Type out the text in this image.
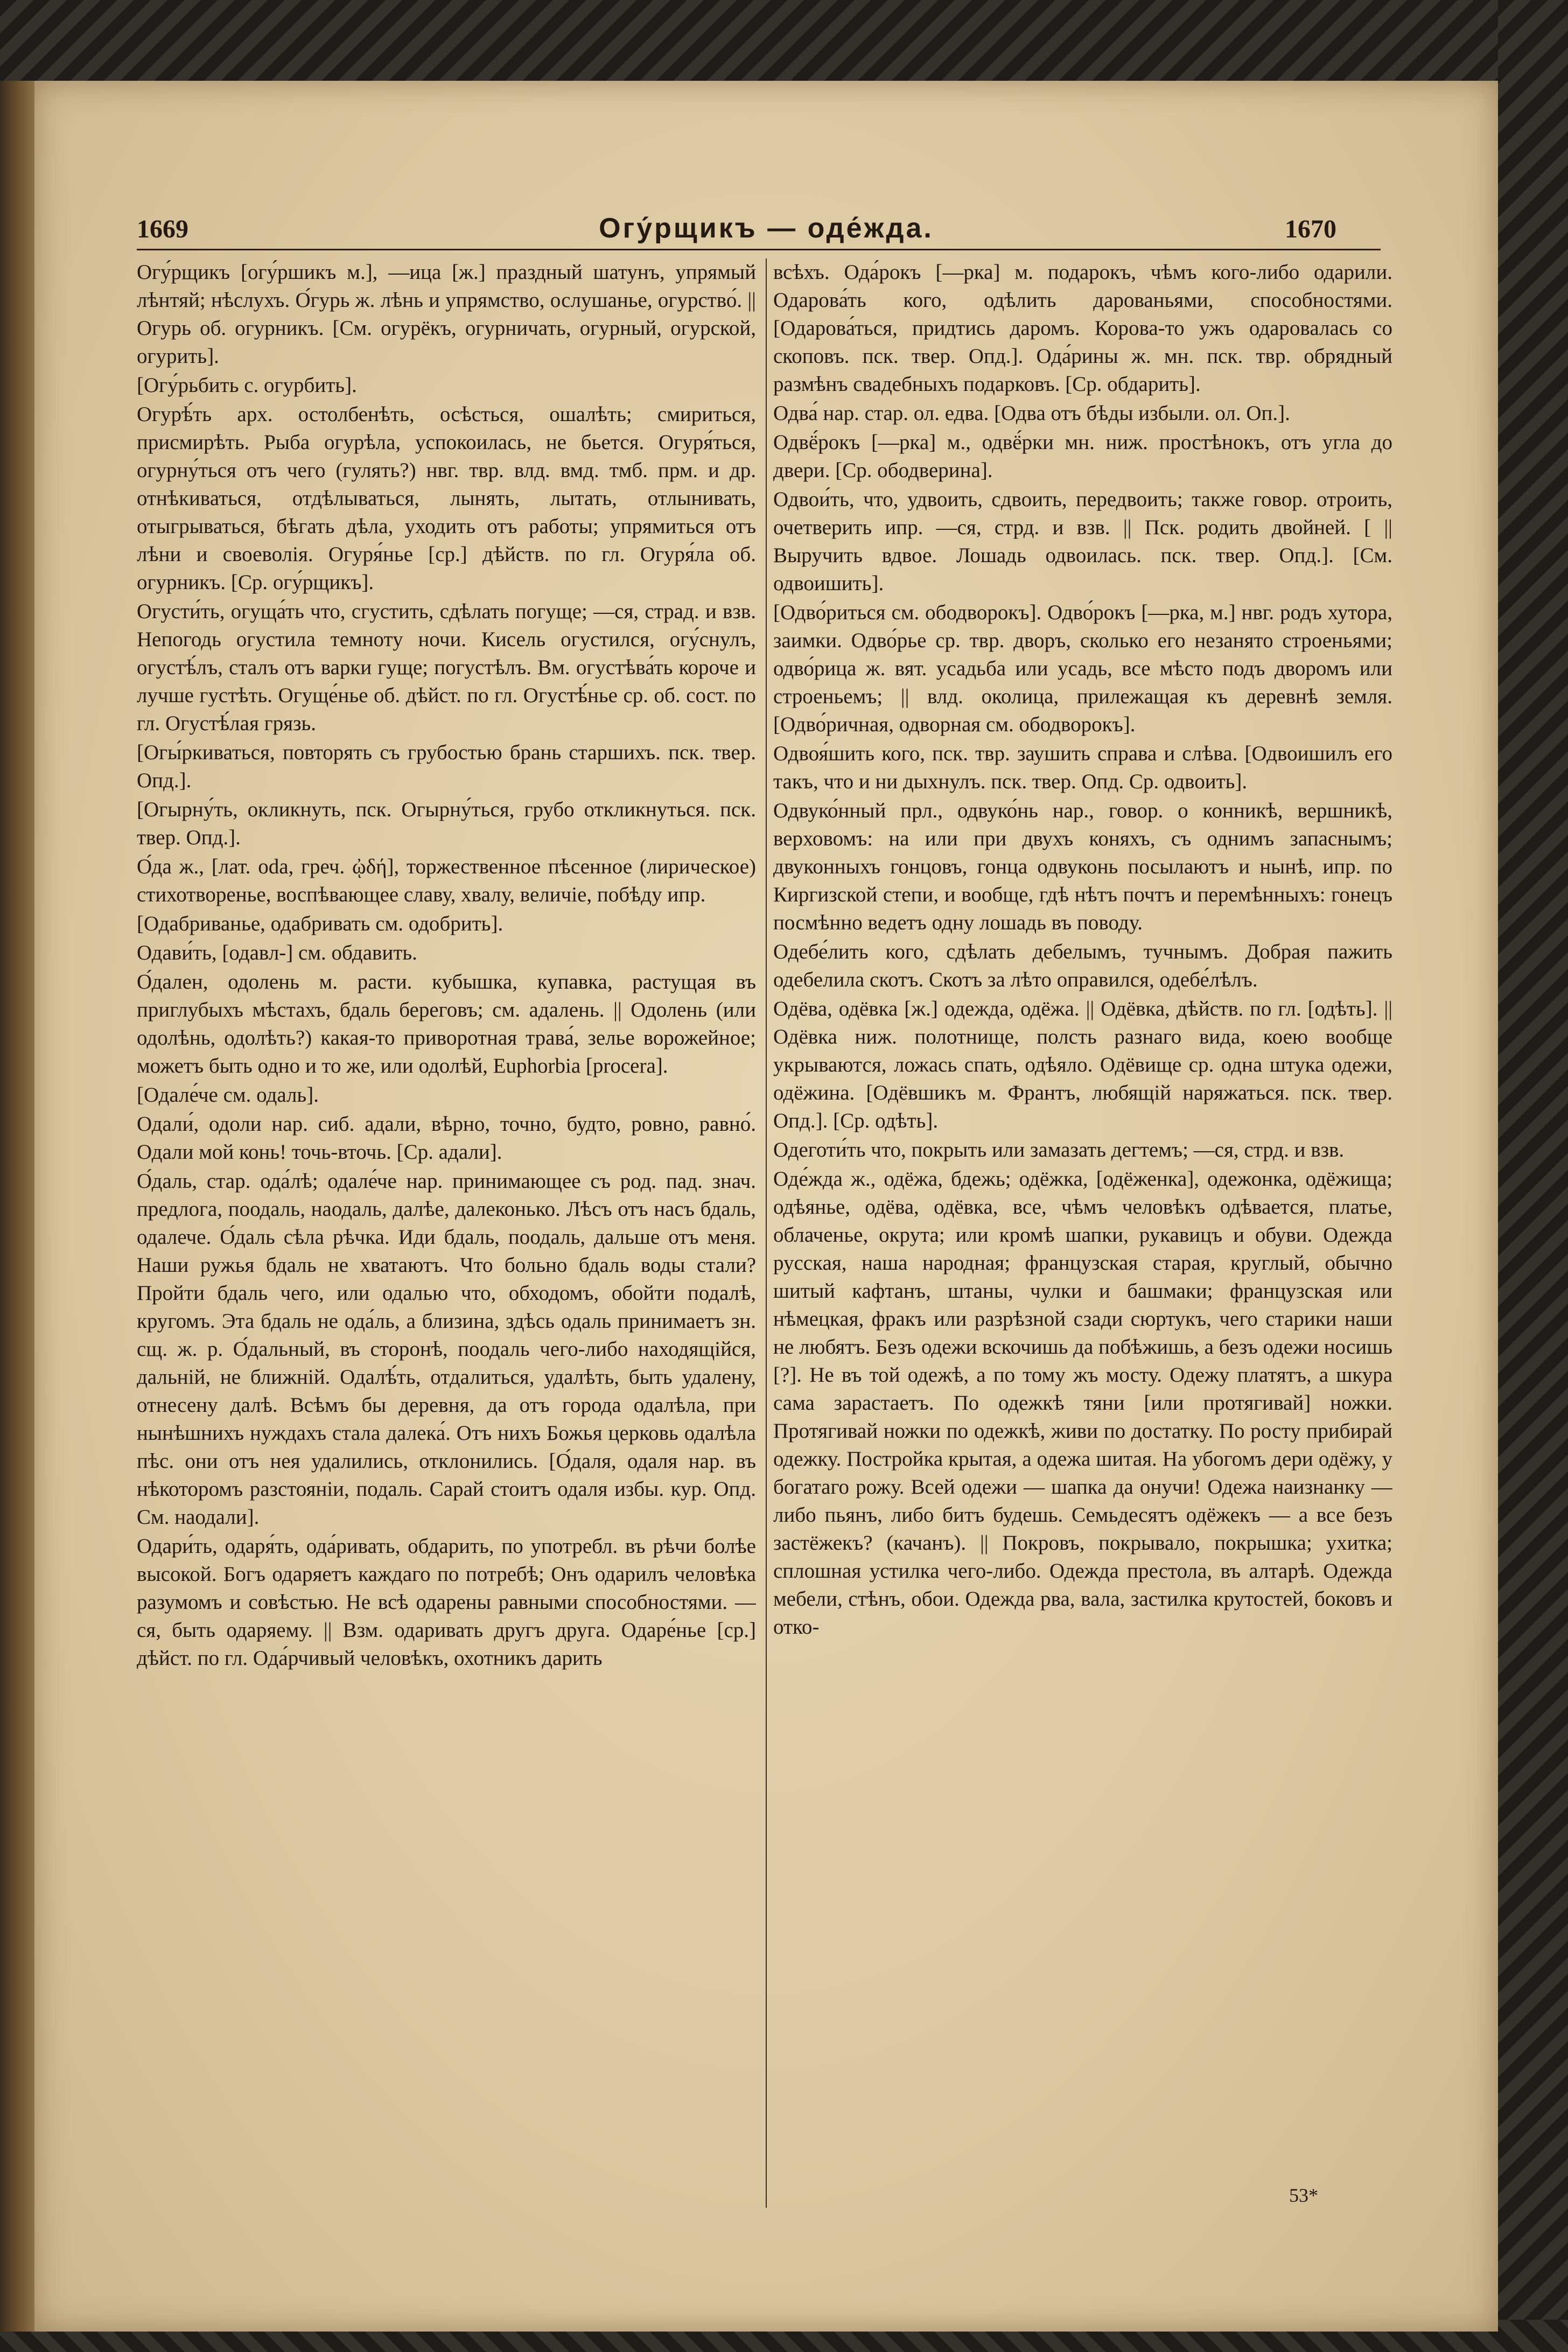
1669	Огу́рщикъ — оде́жда.	1670

Огу́рщикъ [огу́ршикъ м.], —ица [ж.] праздный шатунъ, упрямый лѣнтяй; нѣслухъ. О́гурь ж. лѣнь и упрямство, ослушанье, огурство́. || Огурь об. огурникъ. [См. огурёкъ, огурничать, огурный, огурской, огурить].

[Огу́рьбить с. огурбить].

Огурѣ́ть арх. остолбенѣть, осѣсться, ошалѣть; смириться, присмирѣть. Рыба огурѣла, успокоилась, не бьется. Огуря́ться, огурну́ться отъ чего (гулять?) нвг. твр. влд. вмд. тмб. прм. и др. отнѣкиваться, отдѣлываться, лынять, лытать, отлынивать, отыгрываться, бѣгать дѣла, уходить отъ работы; упрямиться отъ лѣни и своеволія. Огуря́нье [ср.] дѣйств. по гл. Огуря́ла об. огурникъ. [Ср. огу́рщикъ].

Огусти́ть, огуща́ть что, сгустить, сдѣлать погуще; —ся, страд. и взв. Непогодь огустила темноту ночи. Кисель огустился, огу́снулъ, огустѣ́лъ, сталъ отъ варки гуще; погустѣлъ. Вм. огустѣва́ть короче и лучше густѣть. Огуще́нье об. дѣйст. по гл. Огустѣ́нье ср. об. сост. по гл. Огустѣ́лая грязь.

[Огы́ркиваться, повторять съ грубостью брань старшихъ. пск. твер. Опд.].

[Огырну́ть, окликнуть, пск. Огырну́ться, грубо откликнуться. пск. твер. Опд.].

О́да ж., [лат. oda, греч. ᾠδή], торжественное пѣсенное (лирическое) стихотворенье, воспѣвающее славу, хвалу, величіе, побѣду ипр.

[Одабриванье, одабривать см. одобрить].

Одави́ть, [одавл-] см. обдавить.

О́дален, одолень м. расти. кубышка, купавка, растущая въ приглубыхъ мѣстахъ, бдаль береговъ; см. адалень. || Одолень (или одолѣнь, одолѣть?) какая-то приворотная трава́, зелье ворожейное; можетъ быть одно и то же, или одолѣй, Euphorbia [procera].

[Одале́че см. одаль].

Одали́, одоли нар. сиб. адали, вѣрно, точно, будто, ровно, равно́. Одали мой конь! точь-вточь. [Ср. адали].

О́даль, стар. ода́лѣ; одале́че нар. принимающее съ род. пад. знач. предлога, поодаль, наодаль, далѣе, далеконько. Лѣсъ отъ насъ бдаль, одалече. О́даль сѣла рѣчка. Иди бдаль, поодаль, дальше отъ меня. Наши ружья бдаль не хватаютъ. Что больно бдаль воды стали? Пройти бдаль чего, или одалью что, обходомъ, обойти подалѣ, кругомъ. Эта бдаль не ода́ль, а близина, здѣсь одаль принимаетъ зн. сщ. ж. р. О́дальный, въ сторонѣ, поодаль чего-либо находящійся, дальній, не ближній. Одалѣ́ть, отдалиться, удалѣть, быть удалену, отнесену далѣ. Всѣмъ бы деревня, да отъ города одалѣла, при нынѣшнихъ нуждахъ стала далека́. Отъ нихъ Божья церковь одалѣла пѣс. они отъ нея удалились, отклонились. [О́даля, одаля нар. въ нѣкоторомъ разстояніи, подаль. Сарай стоитъ одаля избы. кур. Опд. См. наодали].

Одари́ть, одаря́ть, ода́ривать, обдарить, по употребл. въ рѣчи болѣе высокой. Богъ одаряетъ каждаго по потребѣ; Онъ одарилъ человѣка разумомъ и совѣстью. Не всѣ одарены равными способностями. —ся, быть одаряему. || Взм. одаривать другъ друга. Одаре́нье [ср.] дѣйст. по гл. Ода́рчивый человѣкъ, охотникъ дарить

всѣхъ. Ода́рокъ [—рка] м. подарокъ, чѣмъ кого-либо одарили. Одарова́ть кого, одѣлить дарованьями, способностями. [Одарова́ться, придтись даромъ. Корова-то ужъ одаровалась со скоповъ. пск. твер. Опд.]. Ода́рины ж. мн. пск. твр. обрядный размѣнъ свадебныхъ подарковъ. [Ср. обдарить].

Одва́ нар. стар. ол. едва. [Одва отъ бѣды избыли. ол. Оп.].

Одвё́рокъ [—рка] м., одвё́рки мн. ниж. простѣнокъ, отъ угла до двери. [Ср. ободверина].

Одвои́ть, что, удвоить, сдвоить, передвоить; также говор. отроить, очетверить ипр. —ся, стрд. и взв. || Пск. родить двойней. [ || Выручить вдвое. Лошадь одвоилась. пск. твер. Опд.]. [См. одвоишить].

[Одво́риться см. ободворокъ]. Одво́рокъ [—рка, м.] нвг. родъ хутора, заимки. Одво́рье ср. твр. дворъ, сколько его незанято строеньями; одво́рица ж. вят. усадьба или усадь, все мѣсто подъ дворомъ или строеньемъ; || влд. околица, прилежащая къ деревнѣ земля. [Одво́ричная, одворная см. ободворокъ].

Одвоя́шить кого, пск. твр. заушить справа и слѣва. [Одвоишилъ его такъ, что и ни дыхнулъ. пск. твер. Опд. Ср. одвоить].

Одвуко́нный прл., одвуко́нь нар., говор. о конникѣ, вершникѣ, верховомъ: на или при двухъ коняхъ, съ однимъ запаснымъ; двуконныхъ гонцовъ, гонца одвуконь посылаютъ и нынѣ, ипр. по Киргизской степи, и вообще, гдѣ нѣтъ почтъ и перемѣнныхъ: гонецъ посмѣнно ведетъ одну лошадь въ поводу.

Одебе́лить кого, сдѣлать дебелымъ, тучнымъ. Добрая пажить одебелила скотъ. Скотъ за лѣто оправился, одебе́лѣлъ.

Одёва, одёвка [ж.] одежда, одёжа. || Одёвка, дѣйств. по гл. [одѣть]. || Одёвка ниж. полотнище, полсть разнаго вида, коею вообще укрываются, ложась спать, одѣяло. Одёвище ср. одна штука одежи, одёжина. [Одёвшикъ м. Франтъ, любящій наряжаться. пск. твер. Опд.]. [Ср. одѣть].

Одеготи́ть что, покрыть или замазать дегтемъ; —ся, стрд. и взв.

Оде́жда ж., одёжа, бдежь; одёжка, [одёженка], одежонка, одёжища; одѣянье, одёва, одёвка, все, чѣмъ человѣкъ одѣвается, платье, облаченье, окрута; или кромѣ шапки, рукавицъ и обуви. Одежда русская, наша народная; французская старая, круглый, обычно шитый кафтанъ, штаны, чулки и башмаки; французская или нѣмецкая, фракъ или разрѣзной сзади сюртукъ, чего старики наши не любятъ. Безъ одежи вскочишь да побѣжишь, а безъ одежи носишь [?]. Не въ той одежѣ, а по тому жъ мосту. Одежу платятъ, а шкура сама зарастаетъ. По одежкѣ тяни [или протягивай] ножки. Протягивай ножки по одежкѣ, живи по достатку. По росту прибирай одежку. Постройка крытая, а одежа шитая. На убогомъ дери одёжу, у богатаго рожу. Всей одежи — шапка да онучи! Одежа наизнанку — либо пьянъ, либо битъ будешь. Семьдесятъ одёжекъ — а все безъ застёжекъ? (качанъ). || Покровъ, покрывало, покрышка; ухитка; сплошная устилка чего-либо. Одежда престола, въ алтарѣ. Одежда мебели, стѣнъ, обои. Одежда рва, вала, застилка крутостей, боковъ и отко-

53*
